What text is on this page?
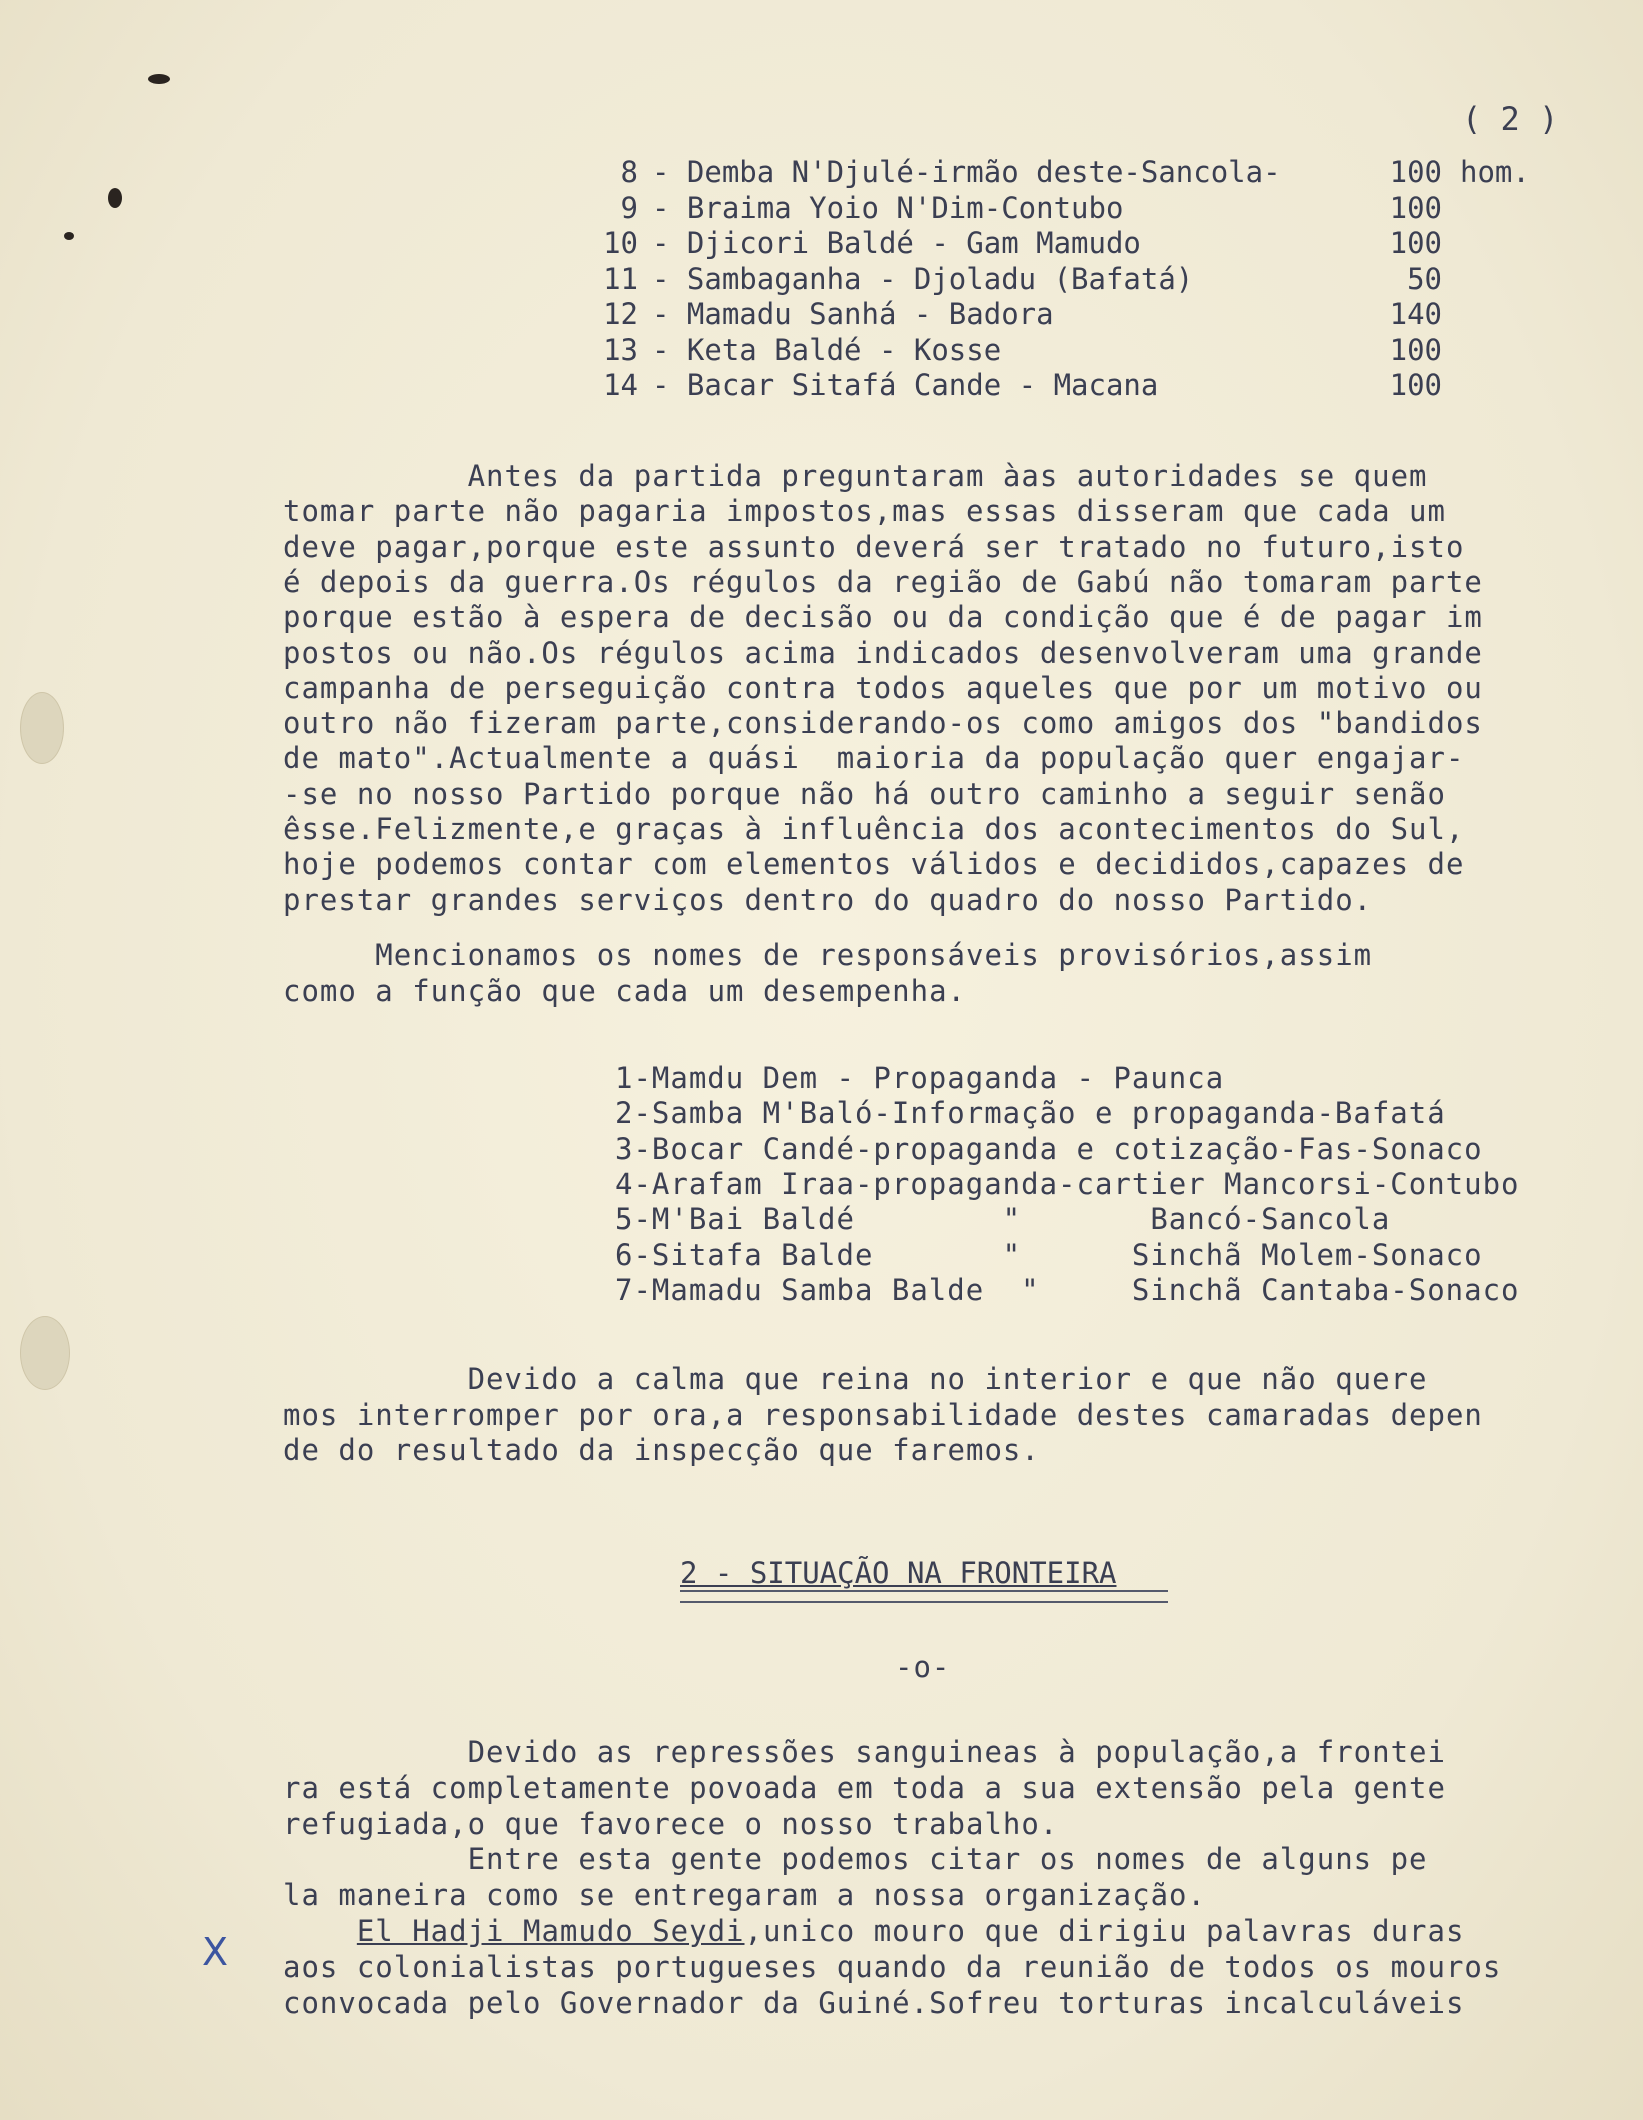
( 2 )
8 - Demba N'Djulé-irmão deste-Sancola-	100 hom.
9 - Braima Yoio N'Dim-Contubo	100
10 - Djicori Baldé - Gam Mamudo	100
11 - Sambaganha - Djoladu (Bafatá)	50
12 - Mamadu Sanhá - Badora	140
13 - Keta Baldé - Kosse	100
14 - Bacar Sitafá Cande - Macana	100
Antes da partida preguntaram àas autoridades se quem
tomar parte não pagaria impostos,mas essas disseram que cada um
deve pagar,porque este assunto deverá ser tratado no futuro,isto
é depois da guerra.Os régulos da região de Gabú não tomaram parte
porque estão à espera de decisão ou da condição que é de pagar im
postos ou não.Os régulos acima indicados desenvolveram uma grande
campanha de perseguição contra todos aqueles que por um motivo ou
outro não fizeram parte,considerando-os como amigos dos "bandidos
de mato".Actualmente a quási  maioria da população quer engajar-
-se no nosso Partido porque não há outro caminho a seguir senão
êsse.Felizmente,e graças à influência dos acontecimentos do Sul,
hoje podemos contar com elementos válidos e decididos,capazes de
prestar grandes serviços dentro do quadro do nosso Partido.
Mencionamos os nomes de responsáveis provisórios,assim
como a função que cada um desempenha.
1-Mamdu Dem - Propaganda - Paunca
2-Samba M'Baló-Informação e propaganda-Bafatá
3-Bocar Candé-propaganda e cotização-Fas-Sonaco
4-Arafam Iraa-propaganda-cartier Mancorsi-Contubo
5-M'Bai Baldé        "       Bancó-Sancola
6-Sitafa Balde       "      Sinchã Molem-Sonaco
7-Mamadu Samba Balde  "     Sinchã Cantaba-Sonaco
Devido a calma que reina no interior e que não quere
mos interromper por ora,a responsabilidade destes camaradas depen
de do resultado da inspecção que faremos.
2 - SITUAÇÃO NA FRONTEIRA
-o-
Devido as repressões sanguineas à população,a frontei
ra está completamente povoada em toda a sua extensão pela gente
refugiada,o que favorece o nosso trabalho.
Entre esta gente podemos citar os nomes de alguns pe
la maneira como se entregaram a nossa organização.
El Hadji Mamudo Seydi,unico mouro que dirigiu palavras duras
aos colonialistas portugueses quando da reunião de todos os mouros
convocada pelo Governador da Guiné.Sofreu torturas incalculáveis
X
